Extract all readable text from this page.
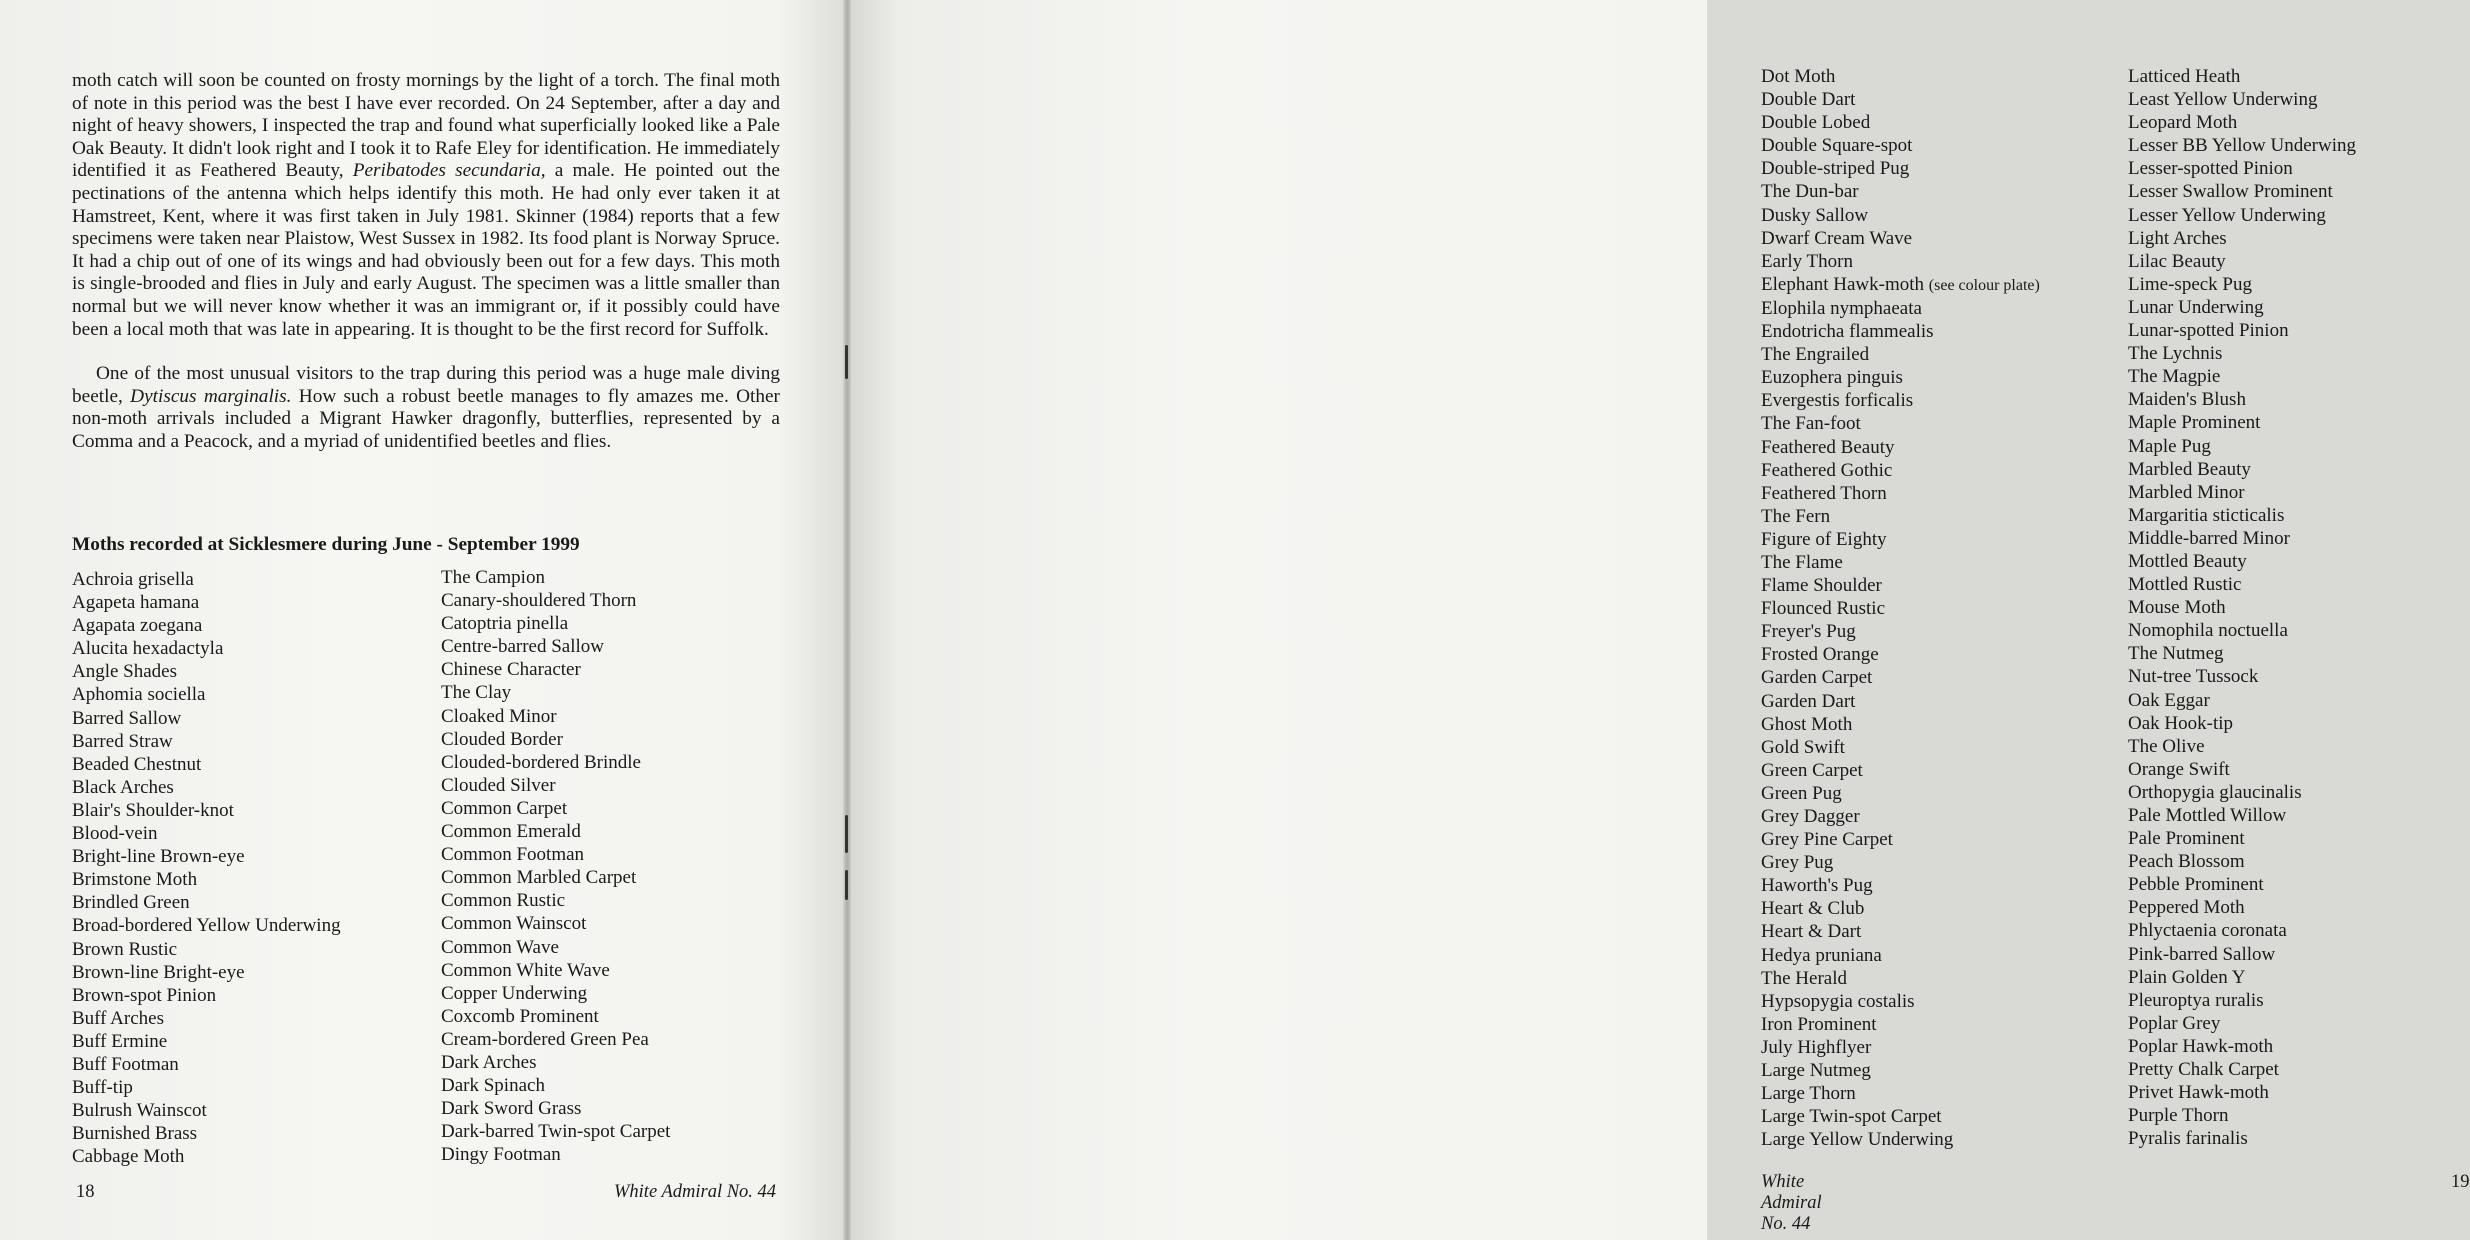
moth catch will soon be counted on frosty mornings by the light of a torch. The final moth of note in this period was the best I have ever recorded. On 24 September, after a day and night of heavy showers, I inspected the trap and found what superficially looked like a Pale Oak Beauty. It didn't look right and I took it to Rafe Eley for identification. He immediately identified it as Feathered Beauty, Peribatodes secundaria, a male. He pointed out the pectinations of the antenna which helps identify this moth. He had only ever taken it at Hamstreet, Kent, where it was first taken in July 1981. Skinner (1984) reports that a few specimens were taken near Plaistow, West Sussex in 1982. Its food plant is Norway Spruce. It had a chip out of one of its wings and had obviously been out for a few days. This moth is single-brooded and flies in July and early August. The specimen was a little smaller than normal but we will never know whether it was an immigrant or, if it possibly could have been a local moth that was late in appearing. It is thought to be the first record for Suffolk.

One of the most unusual visitors to the trap during this period was a huge male diving beetle, Dytiscus marginalis. How such a robust beetle manages to fly amazes me. Other non-moth arrivals included a Migrant Hawker dragonfly, butterflies, represented by a Comma and a Peacock, and a myriad of unidentified beetles and flies.

Moths recorded at Sicklesmere during June - September 1999
Achroia grisella
Agapeta hamana
Agapata zoegana
Alucita hexadactyla
Angle Shades
Aphomia sociella
Barred Sallow
Barred Straw
Beaded Chestnut
Black Arches
Blair's Shoulder-knot
Blood-vein
Bright-line Brown-eye
Brimstone Moth
Brindled Green
Broad-bordered Yellow Underwing
Brown Rustic
Brown-line Bright-eye
Brown-spot Pinion
Buff Arches
Buff Ermine
Buff Footman
Buff-tip
Bulrush Wainscot
Burnished Brass
Cabbage Moth
The Campion
Canary-shouldered Thorn
Catoptria pinella
Centre-barred Sallow
Chinese Character
The Clay
Cloaked Minor
Clouded Border
Clouded-bordered Brindle
Clouded Silver
Common Carpet
Common Emerald
Common Footman
Common Marbled Carpet
Common Rustic
Common Wainscot
Common Wave
Common White Wave
Copper Underwing
Coxcomb Prominent
Cream-bordered Green Pea
Dark Arches
Dark Spinach
Dark Sword Grass
Dark-barred Twin-spot Carpet
Dingy Footman
18	White Admiral No. 44
Dot Moth
Double Dart
Double Lobed
Double Square-spot
Double-striped Pug
The Dun-bar
Dusky Sallow
Dwarf Cream Wave
Early Thorn
Elephant Hawk-moth (see colour plate)
Elophila nymphaeata
Endotricha flammealis
The Engrailed
Euzophera pinguis
Evergestis forficalis
The Fan-foot
Feathered Beauty
Feathered Gothic
Feathered Thorn
The Fern
Figure of Eighty
The Flame
Flame Shoulder
Flounced Rustic
Freyer's Pug
Frosted Orange
Garden Carpet
Garden Dart
Ghost Moth
Gold Swift
Green Carpet
Green Pug
Grey Dagger
Grey Pine Carpet
Grey Pug
Haworth's Pug
Heart & Club
Heart & Dart
Hedya pruniana
The Herald
Hypsopygia costalis
Iron Prominent
July Highflyer
Large Nutmeg
Large Thorn
Large Twin-spot Carpet
Large Yellow Underwing
Latticed Heath
Least Yellow Underwing
Leopard Moth
Lesser BB Yellow Underwing
Lesser-spotted Pinion
Lesser Swallow Prominent
Lesser Yellow Underwing
Light Arches
Lilac Beauty
Lime-speck Pug
Lunar Underwing
Lunar-spotted Pinion
The Lychnis
The Magpie
Maiden's Blush
Maple Prominent
Maple Pug
Marbled Beauty
Marbled Minor
Margaritia sticticalis
Middle-barred Minor
Mottled Beauty
Mottled Rustic
Mouse Moth
Nomophila noctuella
The Nutmeg
Nut-tree Tussock
Oak Eggar
Oak Hook-tip
The Olive
Orange Swift
Orthopygia glaucinalis
Pale Mottled Willow
Pale Prominent
Peach Blossom
Pebble Prominent
Peppered Moth
Phlyctaenia coronata
Pink-barred Sallow
Plain Golden Y
Pleuroptya ruralis
Poplar Grey
Poplar Hawk-moth
Pretty Chalk Carpet
Privet Hawk-moth
Purple Thorn
Pyralis farinalis
White Admiral No. 44
19
